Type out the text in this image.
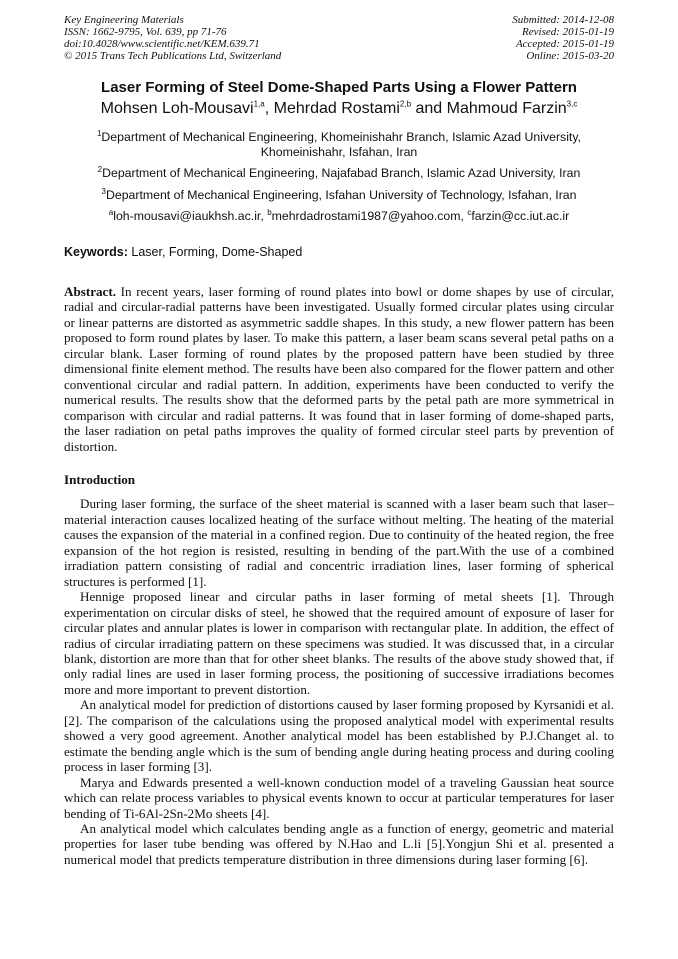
Key Engineering Materials
ISSN: 1662-9795, Vol. 639, pp 71-76
doi:10.4028/www.scientific.net/KEM.639.71
© 2015 Trans Tech Publications Ltd, Switzerland
Submitted: 2014-12-08
Revised: 2015-01-19
Accepted: 2015-01-19
Online: 2015-03-20
Laser Forming of Steel Dome-Shaped Parts Using a Flower Pattern
Mohsen Loh-Mousavi$^{1,a}$, Mehrdad Rostami$^{2,b}$ and Mahmoud Farzin$^{3,c}$
$^1$Department of Mechanical Engineering, Khomeinishahr Branch, Islamic Azad University, Khomeinishahr, Isfahan, Iran
$^2$Department of Mechanical Engineering, Najafabad Branch, Islamic Azad University, Iran
$^3$Department of Mechanical Engineering, Isfahan University of Technology, Isfahan, Iran
$^a$loh-mousavi@iaukhsh.ac.ir, $^b$mehrdadrostami1987@yahoo.com, $^c$farzin@cc.iut.ac.ir
Keywords: Laser, Forming, Dome-Shaped

Abstract. In recent years, laser forming of round plates into bowl or dome shapes by use of circular, radial and circular-radial patterns have been investigated. Usually formed circular plates using circular or linear patterns are distorted as asymmetric saddle shapes. In this study, a new flower pattern has been proposed to form round plates by laser. To make this pattern, a laser beam scans several petal paths on a circular blank. Laser forming of round plates by the proposed pattern have been studied by three dimensional finite element method. The results have been also compared for the flower pattern and other conventional circular and radial pattern. In addition, experiments have been conducted to verify the numerical results. The results show that the deformed parts by the petal path are more symmetrical in comparison with circular and radial patterns. It was found that in laser forming of dome-shaped parts, the laser radiation on petal paths improves the quality of formed circular steel parts by prevention of distortion.

Introduction

During laser forming, the surface of the sheet material is scanned with a laser beam such that laser–material interaction causes localized heating of the surface without melting. The heating of the material causes the expansion of the material in a confined region. Due to continuity of the heated region, the free expansion of the hot region is resisted, resulting in bending of the part.With the use of a combined irradiation pattern consisting of radial and concentric irradiation lines, laser forming of spherical structures is performed [1].

Hennige proposed linear and circular paths in laser forming of metal sheets [1]. Through experimentation on circular disks of steel, he showed that the required amount of exposure of laser for circular plates and annular plates is lower in comparison with rectangular plate. In addition, the effect of radius of circular irradiating pattern on these specimens was studied. It was discussed that, in a circular blank, distortion are more than that for other sheet blanks. The results of the above study showed that, if only radial lines are used in laser forming process, the positioning of successive irradiations becomes more and more important to prevent distortion.

An analytical model for prediction of distortions caused by laser forming proposed by Kyrsanidi et al. [2]. The comparison of the calculations using the proposed analytical model with experimental results showed a very good agreement. Another analytical model has been established by P.J.Changet al. to estimate the bending angle which is the sum of bending angle during heating process and during cooling process in laser forming [3].

Marya and Edwards presented a well-known conduction model of a traveling Gaussian heat source which can relate process variables to physical events known to occur at particular temperatures for laser bending of Ti-6Al-2Sn-2Mo sheets [4].

An analytical model which calculates bending angle as a function of energy, geometric and material properties for laser tube bending was offered by N.Hao and L.li [5].Yongjun Shi et al. presented a numerical model that predicts temperature distribution in three dimensions during laser forming [6].
